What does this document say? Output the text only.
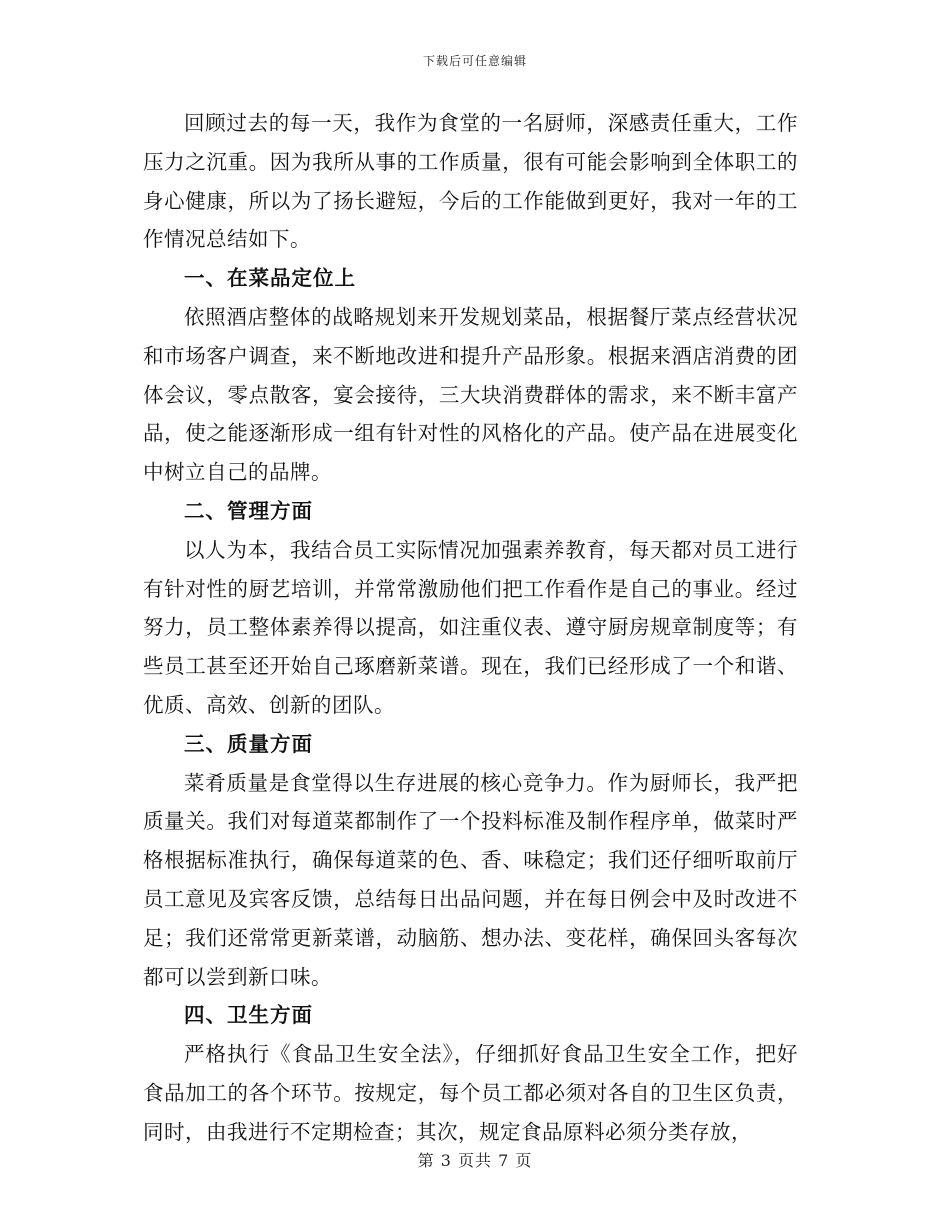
下载后可任意编辑

回顾过去的每一天，我作为食堂的一名厨师，深感责任重大，工作压力之沉重。因为我所从事的工作质量，很有可能会影响到全体职工的身心健康，所以为了扬长避短，今后的工作能做到更好，我对一年的工作情况总结如下。

一、在菜品定位上

依照酒店整体的战略规划来开发规划菜品，根据餐厅菜点经营状况和市场客户调查，来不断地改进和提升产品形象。根据来酒店消费的团体会议，零点散客，宴会接待，三大块消费群体的需求，来不断丰富产品，使之能逐渐形成一组有针对性的风格化的产品。使产品在进展变化中树立自己的品牌。

二、管理方面

以人为本，我结合员工实际情况加强素养教育，每天都对员工进行有针对性的厨艺培训，并常常激励他们把工作看作是自己的事业。经过努力，员工整体素养得以提高，如注重仪表、遵守厨房规章制度等；有些员工甚至还开始自己琢磨新菜谱。现在，我们已经形成了一个和谐、优质、高效、创新的团队。

三、质量方面

菜肴质量是食堂得以生存进展的核心竞争力。作为厨师长，我严把质量关。我们对每道菜都制作了一个投料标准及制作程序单，做菜时严格根据标准执行，确保每道菜的色、香、味稳定；我们还仔细听取前厅员工意见及宾客反馈，总结每日出品问题，并在每日例会中及时改进不足；我们还常常更新菜谱，动脑筋、想办法、变花样，确保回头客每次都可以尝到新口味。

四、卫生方面

严格执行《食品卫生安全法》，仔细抓好食品卫生安全工作，把好食品加工的各个环节。按规定，每个员工都必须对各自的卫生区负责，同时，由我进行不定期检查；其次，规定食品原料必须分类存放，

第 3 页共 7 页
